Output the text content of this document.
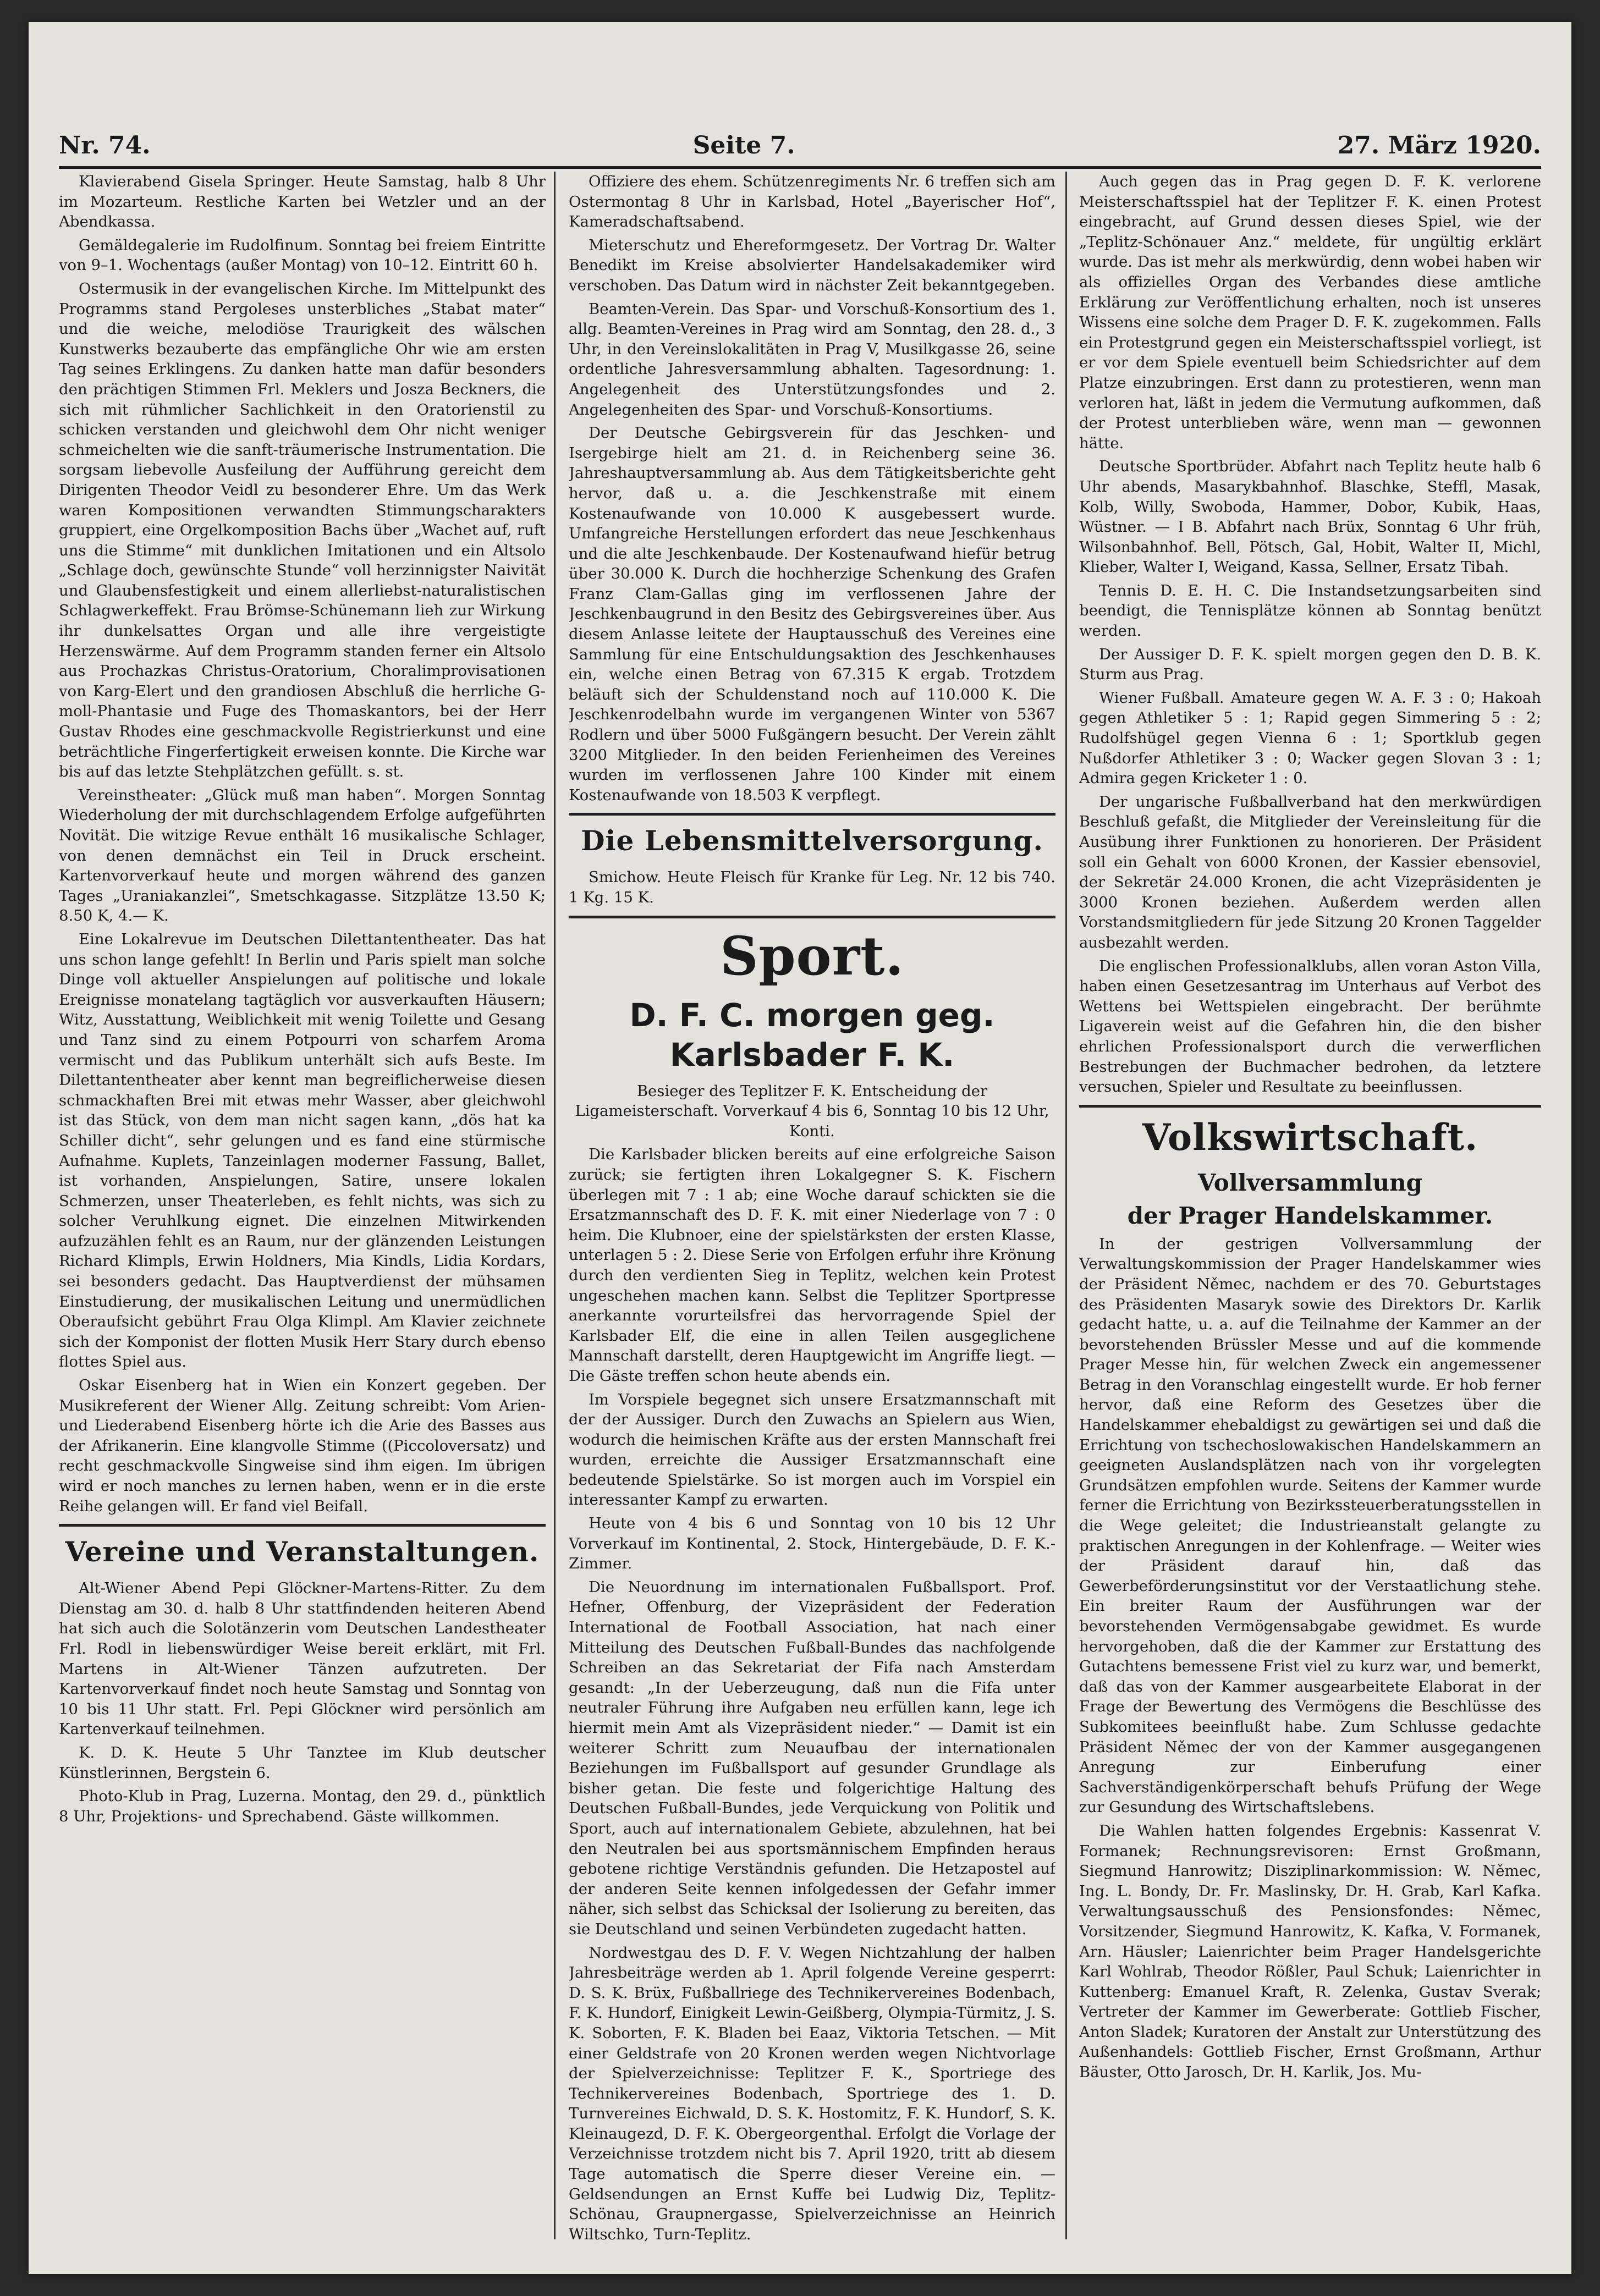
Nr. 74.	Seite 7.	27. März 1920.

Klavierabend Gisela Springer. Heute Samstag, halb 8 Uhr im Mozarteum. Restliche Karten bei Wetzler und an der Abendkassa.

Gemäldegalerie im Rudolfinum. Sonntag bei freiem Eintritte von 9–1. Wochentags (außer Montag) von 10–12. Eintritt 60 h.

Ostermusik in der evangelischen Kirche. Im Mittelpunkt des Programms stand Pergoleses unsterbliches „Stabat mater“ und die weiche, melodiöse Traurigkeit des wälschen Kunstwerks bezauberte das empfängliche Ohr wie am ersten Tag seines Erklingens. Zu danken hatte man dafür besonders den prächtigen Stimmen Frl. Meklers und Josza Beckners, die sich mit rühmlicher Sachlichkeit in den Oratorienstil zu schicken verstanden und gleichwohl dem Ohr nicht weniger schmeichelten wie die sanft-träumerische Instrumentation. Die sorgsam liebevolle Ausfeilung der Aufführung gereicht dem Dirigenten Theodor Veidl zu besonderer Ehre. Um das Werk waren Kompositionen verwandten Stimmungscharakters gruppiert, eine Orgelkomposition Bachs über „Wachet auf, ruft uns die Stimme“ mit dunklichen Imitationen und ein Altsolo „Schlage doch, gewünschte Stunde“ voll herzinnigster Naivität und Glaubensfestigkeit und einem allerliebst-naturalistischen Schlagwerkeffekt. Frau Brömse-Schünemann lieh zur Wirkung ihr dunkelsattes Organ und alle ihre vergeistigte Herzenswärme. Auf dem Programm standen ferner ein Altsolo aus Prochazkas Christus-Oratorium, Choralimprovisationen von Karg-Elert und den grandiosen Abschluß die herrliche G-moll-Phantasie und Fuge des Thomaskantors, bei der Herr Gustav Rhodes eine geschmackvolle Registrierkunst und eine beträchtliche Fingerfertigkeit erweisen konnte. Die Kirche war bis auf das letzte Stehplätzchen gefüllt. s. st.

Vereinstheater: „Glück muß man haben“. Morgen Sonntag Wiederholung der mit durchschlagendem Erfolge aufgeführten Novität. Die witzige Revue enthält 16 musikalische Schlager, von denen demnächst ein Teil in Druck erscheint. Kartenvorverkauf heute und morgen während des ganzen Tages „Uraniakanzlei“, Smetschkagasse. Sitzplätze 13.50 K; 8.50 K, 4.— K.

Eine Lokalrevue im Deutschen Dilettantentheater. Das hat uns schon lange gefehlt! In Berlin und Paris spielt man solche Dinge voll aktueller Anspielungen auf politische und lokale Ereignisse monatelang tagtäglich vor ausverkauften Häusern; Witz, Ausstattung, Weiblichkeit mit wenig Toilette und Gesang und Tanz sind zu einem Potpourri von scharfem Aroma vermischt und das Publikum unterhält sich aufs Beste. Im Dilettantentheater aber kennt man begreiflicherweise diesen schmackhaften Brei mit etwas mehr Wasser, aber gleichwohl ist das Stück, von dem man nicht sagen kann, „dös hat ka Schiller dicht“, sehr gelungen und es fand eine stürmische Aufnahme. Kuplets, Tanzeinlagen moderner Fassung, Ballet, ist vorhanden, Anspielungen, Satire, unsere lokalen Schmerzen, unser Theaterleben, es fehlt nichts, was sich zu solcher Veruhlkung eignet. Die einzelnen Mitwirkenden aufzuzählen fehlt es an Raum, nur der glänzenden Leistungen Richard Klimpls, Erwin Holdners, Mia Kindls, Lidia Kordars, sei besonders gedacht. Das Hauptverdienst der mühsamen Einstudierung, der musikalischen Leitung und unermüdlichen Oberaufsicht gebührt Frau Olga Klimpl. Am Klavier zeichnete sich der Komponist der flotten Musik Herr Stary durch ebenso flottes Spiel aus.

Oskar Eisenberg hat in Wien ein Konzert gegeben. Der Musikreferent der Wiener Allg. Zeitung schreibt: Vom Arien- und Liederabend Eisenberg hörte ich die Arie des Basses aus der Afrikanerin. Eine klangvolle Stimme ((Piccoloversatz) und recht geschmackvolle Singweise sind ihm eigen. Im übrigen wird er noch manches zu lernen haben, wenn er in die erste Reihe gelangen will. Er fand viel Beifall.

Vereine und Veranstaltungen.

Alt-Wiener Abend Pepi Glöckner-Martens-Ritter. Zu dem Dienstag am 30. d. halb 8 Uhr stattfindenden heiteren Abend hat sich auch die Solotänzerin vom Deutschen Landestheater Frl. Rodl in liebenswürdiger Weise bereit erklärt, mit Frl. Martens in Alt-Wiener Tänzen aufzutreten. Der Kartenvorverkauf findet noch heute Samstag und Sonntag von 10 bis 11 Uhr statt. Frl. Pepi Glöckner wird persönlich am Kartenverkauf teilnehmen.

K. D. K. Heute 5 Uhr Tanztee im Klub deutscher Künstlerinnen, Bergstein 6.

Photo-Klub in Prag, Luzerna. Montag, den 29. d., pünktlich 8 Uhr, Projektions- und Sprechabend. Gäste willkommen.

Offiziere des ehem. Schützenregiments Nr. 6 treffen sich am Ostermontag 8 Uhr in Karlsbad, Hotel „Bayerischer Hof“, Kameradschaftsabend.

Mieterschutz und Ehereformgesetz. Der Vortrag Dr. Walter Benedikt im Kreise absolvierter Handelsakademiker wird verschoben. Das Datum wird in nächster Zeit bekanntgegeben.

Beamten-Verein. Das Spar- und Vorschuß-Konsortium des 1. allg. Beamten-Vereines in Prag wird am Sonntag, den 28. d., 3 Uhr, in den Vereinslokalitäten in Prag V, Musilkgasse 26, seine ordentliche Jahresversammlung abhalten. Tagesordnung: 1. Angelegenheit des Unterstützungsfondes und 2. Angelegenheiten des Spar- und Vorschuß-Konsortiums.

Der Deutsche Gebirgsverein für das Jeschken- und Isergebirge hielt am 21. d. in Reichenberg seine 36. Jahreshauptversammlung ab. Aus dem Tätigkeitsberichte geht hervor, daß u. a. die Jeschkenstraße mit einem Kostenaufwande von 10.000 K ausgebessert wurde. Umfangreiche Herstellungen erfordert das neue Jeschkenhaus und die alte Jeschkenbaude. Der Kostenaufwand hiefür betrug über 30.000 K. Durch die hochherzige Schenkung des Grafen Franz Clam-Gallas ging im verflossenen Jahre der Jeschkenbaugrund in den Besitz des Gebirgsvereines über. Aus diesem Anlasse leitete der Hauptausschuß des Vereines eine Sammlung für eine Entschuldungsaktion des Jeschkenhauses ein, welche einen Betrag von 67.315 K ergab. Trotzdem beläuft sich der Schuldenstand noch auf 110.000 K. Die Jeschkenrodelbahn wurde im vergangenen Winter von 5367 Rodlern und über 5000 Fußgängern besucht. Der Verein zählt 3200 Mitglieder. In den beiden Ferienheimen des Vereines wurden im verflossenen Jahre 100 Kinder mit einem Kostenaufwande von 18.503 K verpflegt.

Die Lebensmittelversorgung.

Smichow. Heute Fleisch für Kranke für Leg. Nr. 12 bis 740. 1 Kg. 15 K.

Sport.
D. F. C. morgen geg. Karlsbader F. K.

Besieger des Teplitzer F. K. Entscheidung der Ligameisterschaft. Vorverkauf 4 bis 6, Sonntag 10 bis 12 Uhr, Konti.

Die Karlsbader blicken bereits auf eine erfolgreiche Saison zurück; sie fertigten ihren Lokalgegner S. K. Fischern überlegen mit 7 : 1 ab; eine Woche darauf schickten sie die Ersatzmannschaft des D. F. K. mit einer Niederlage von 7 : 0 heim. Die Klubnoer, eine der spielstärksten der ersten Klasse, unterlagen 5 : 2. Diese Serie von Erfolgen erfuhr ihre Krönung durch den verdienten Sieg in Teplitz, welchen kein Protest ungeschehen machen kann. Selbst die Teplitzer Sportpresse anerkannte vorurteilsfrei das hervorragende Spiel der Karlsbader Elf, die eine in allen Teilen ausgeglichene Mannschaft darstellt, deren Hauptgewicht im Angriffe liegt. — Die Gäste treffen schon heute abends ein.

Im Vorspiele begegnet sich unsere Ersatzmannschaft mit der der Aussiger. Durch den Zuwachs an Spielern aus Wien, wodurch die heimischen Kräfte aus der ersten Mannschaft frei wurden, erreichte die Aussiger Ersatzmannschaft eine bedeutende Spielstärke. So ist morgen auch im Vorspiel ein interessanter Kampf zu erwarten.

Heute von 4 bis 6 und Sonntag von 10 bis 12 Uhr Vorverkauf im Kontinental, 2. Stock, Hintergebäude, D. F. K.-Zimmer.

Die Neuordnung im internationalen Fußballsport. Prof. Hefner, Offenburg, der Vizepräsident der Federation International de Football Association, hat nach einer Mitteilung des Deutschen Fußball-Bundes das nachfolgende Schreiben an das Sekretariat der Fifa nach Amsterdam gesandt: „In der Ueberzeugung, daß nun die Fifa unter neutraler Führung ihre Aufgaben neu erfüllen kann, lege ich hiermit mein Amt als Vizepräsident nieder.“ — Damit ist ein weiterer Schritt zum Neuaufbau der internationalen Beziehungen im Fußballsport auf gesunder Grundlage als bisher getan. Die feste und folgerichtige Haltung des Deutschen Fußball-Bundes, jede Verquickung von Politik und Sport, auch auf internationalem Gebiete, abzulehnen, hat bei den Neutralen bei aus sportsmännischem Empfinden heraus gebotene richtige Verständnis gefunden. Die Hetzapostel auf der anderen Seite kennen infolgedessen der Gefahr immer näher, sich selbst das Schicksal der Isolierung zu bereiten, das sie Deutschland und seinen Verbündeten zugedacht hatten.

Nordwestgau des D. F. V. Wegen Nichtzahlung der halben Jahresbeiträge werden ab 1. April folgende Vereine gesperrt: D. S. K. Brüx, Fußballriege des Technikervereines Bodenbach, F. K. Hundorf, Einigkeit Lewin-Geißberg, Olympia-Türmitz, J. S. K. Soborten, F. K. Bladen bei Eaaz, Viktoria Tetschen. — Mit einer Geldstrafe von 20 Kronen werden wegen Nichtvorlage der Spielverzeichnisse: Teplitzer F. K., Sportriege des Technikervereines Bodenbach, Sportriege des 1. D. Turnvereines Eichwald, D. S. K. Hostomitz, F. K. Hundorf, S. K. Kleinaugezd, D. F. K. Obergeorgenthal. Erfolgt die Vorlage der Verzeichnisse trotzdem nicht bis 7. April 1920, tritt ab diesem Tage automatisch die Sperre dieser Vereine ein. — Geldsendungen an Ernst Kuffe bei Ludwig Diz, Teplitz-Schönau, Graupnergasse, Spielverzeichnisse an Heinrich Wiltschko, Turn-Teplitz.

Auch gegen das in Prag gegen D. F. K. verlorene Meisterschaftsspiel hat der Teplitzer F. K. einen Protest eingebracht, auf Grund dessen dieses Spiel, wie der „Teplitz-Schönauer Anz.“ meldete, für ungültig erklärt wurde. Das ist mehr als merkwürdig, denn wobei haben wir als offizielles Organ des Verbandes diese amtliche Erklärung zur Veröffentlichung erhalten, noch ist unseres Wissens eine solche dem Prager D. F. K. zugekommen. Falls ein Protestgrund gegen ein Meisterschaftsspiel vorliegt, ist er vor dem Spiele eventuell beim Schiedsrichter auf dem Platze einzubringen. Erst dann zu protestieren, wenn man verloren hat, läßt in jedem die Vermutung aufkommen, daß der Protest unterblieben wäre, wenn man — gewonnen hätte.

Deutsche Sportbrüder. Abfahrt nach Teplitz heute halb 6 Uhr abends, Masarykbahnhof. Blaschke, Steffl, Masak, Kolb, Willy, Swoboda, Hammer, Dobor, Kubik, Haas, Wüstner. — I B. Abfahrt nach Brüx, Sonntag 6 Uhr früh, Wilsonbahnhof. Bell, Pötsch, Gal, Hobit, Walter II, Michl, Klieber, Walter I, Weigand, Kassa, Sellner, Ersatz Tibah.

Tennis D. E. H. C. Die Instandsetzungsarbeiten sind beendigt, die Tennisplätze können ab Sonntag benützt werden.

Der Aussiger D. F. K. spielt morgen gegen den D. B. K. Sturm aus Prag.

Wiener Fußball. Amateure gegen W. A. F. 3 : 0; Hakoah gegen Athletiker 5 : 1; Rapid gegen Simmering 5 : 2; Rudolfshügel gegen Vienna 6 : 1; Sportklub gegen Nußdorfer Athletiker 3 : 0; Wacker gegen Slovan 3 : 1; Admira gegen Kricketer 1 : 0.

Der ungarische Fußballverband hat den merkwürdigen Beschluß gefaßt, die Mitglieder der Vereinsleitung für die Ausübung ihrer Funktionen zu honorieren. Der Präsident soll ein Gehalt von 6000 Kronen, der Kassier ebensoviel, der Sekretär 24.000 Kronen, die acht Vizepräsidenten je 3000 Kronen beziehen. Außerdem werden allen Vorstandsmitgliedern für jede Sitzung 20 Kronen Taggelder ausbezahlt werden.

Die englischen Professionalklubs, allen voran Aston Villa, haben einen Gesetzesantrag im Unterhaus auf Verbot des Wettens bei Wettspielen eingebracht. Der berühmte Ligaverein weist auf die Gefahren hin, die den bisher ehrlichen Professionalsport durch die verwerflichen Bestrebungen der Buchmacher bedrohen, da letztere versuchen, Spieler und Resultate zu beeinflussen.

Volkswirtschaft.
Vollversammlung
der Prager Handelskammer.

In der gestrigen Vollversammlung der Verwaltungskommission der Prager Handelskammer wies der Präsident Němec, nachdem er des 70. Geburtstages des Präsidenten Masaryk sowie des Direktors Dr. Karlik gedacht hatte, u. a. auf die Teilnahme der Kammer an der bevorstehenden Brüssler Messe und auf die kommende Prager Messe hin, für welchen Zweck ein angemessener Betrag in den Voranschlag eingestellt wurde. Er hob ferner hervor, daß eine Reform des Gesetzes über die Handelskammer ehebaldigst zu gewärtigen sei und daß die Errichtung von tschechoslowakischen Handelskammern an geeigneten Auslandsplätzen nach von ihr vorgelegten Grundsätzen empfohlen wurde. Seitens der Kammer wurde ferner die Errichtung von Bezirkssteuerberatungsstellen in die Wege geleitet; die Industrieanstalt gelangte zu praktischen Anregungen in der Kohlenfrage. — Weiter wies der Präsident darauf hin, daß das Gewerbeförderungsinstitut vor der Verstaatlichung stehe. Ein breiter Raum der Ausführungen war der bevorstehenden Vermögensabgabe gewidmet. Es wurde hervorgehoben, daß die der Kammer zur Erstattung des Gutachtens bemessene Frist viel zu kurz war, und bemerkt, daß das von der Kammer ausgearbeitete Elaborat in der Frage der Bewertung des Vermögens die Beschlüsse des Subkomitees beeinflußt habe. Zum Schlusse gedachte Präsident Němec der von der Kammer ausgegangenen Anregung zur Einberufung einer Sachverständigenkörperschaft behufs Prüfung der Wege zur Gesundung des Wirtschaftslebens.

Die Wahlen hatten folgendes Ergebnis: Kassenrat V. Formanek; Rechnungsrevisoren: Ernst Großmann, Siegmund Hanrowitz; Disziplinarkommission: W. Němec, Ing. L. Bondy, Dr. Fr. Maslinsky, Dr. H. Grab, Karl Kafka. Verwaltungsausschuß des Pensionsfondes: Němec, Vorsitzender, Siegmund Hanrowitz, K. Kafka, V. Formanek, Arn. Häusler; Laienrichter beim Prager Handelsgerichte Karl Wohlrab, Theodor Rößler, Paul Schuk; Laienrichter in Kuttenberg: Emanuel Kraft, R. Zelenka, Gustav Sverak; Vertreter der Kammer im Gewerberate: Gottlieb Fischer, Anton Sladek; Kuratoren der Anstalt zur Unterstützung des Außenhandels: Gottlieb Fischer, Ernst Großmann, Arthur Bäuster, Otto Jarosch, Dr. H. Karlik, Jos. Mu-
